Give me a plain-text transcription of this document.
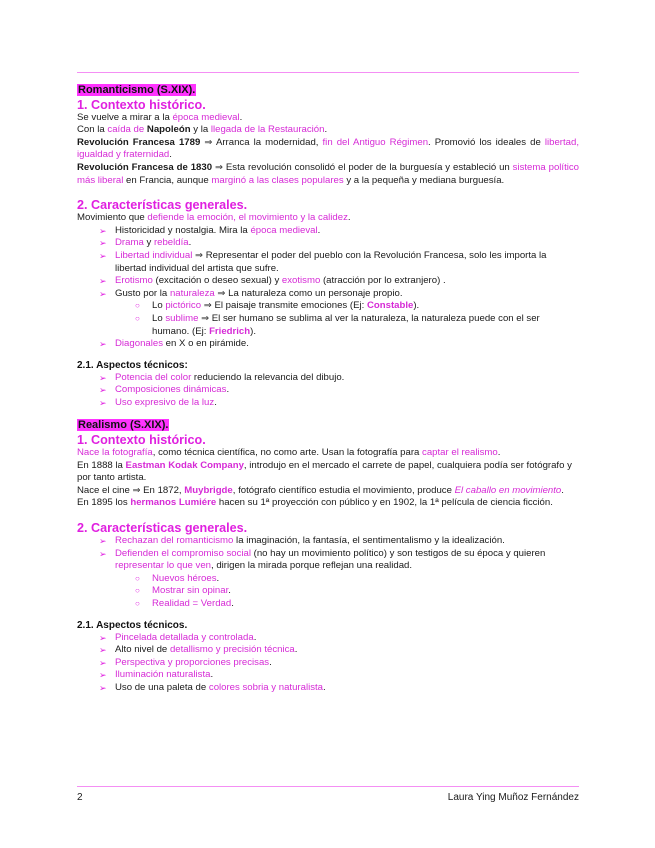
Romanticismo (S.XIX).
1. Contexto histórico.
Se vuelve a mirar a la época medieval.
Con la caída de Napoleón y la llegada de la Restauración.
Revolución Francesa 1789 ⇒ Arranca la modernidad, fin del Antiguo Régimen. Promovió los ideales de libertad, igualdad y fraternidad.
Revolución Francesa de 1830 ⇒ Esta revolución consolidó el poder de la burguesía y estableció un sistema político más liberal en Francia, aunque marginó a las clases populares y a la pequeña y mediana burguesía.
2. Características generales.
Movimiento que defiende la emoción, el movimiento y la calidez.
➢ Historicidad y nostalgia. Mira la época medieval.
➢ Drama y rebeldía.
➢ Libertad individual ⇒ Representar el poder del pueblo con la Revolución Francesa, solo les importa la libertad individual del artista que sufre.
➢ Erotismo (excitación o deseo sexual) y exotismo (atracción por lo extranjero) .
➢ Gusto por la naturaleza ⇒ La naturaleza como un personaje propio.
○ Lo pictórico ⇒ El paisaje transmite emociones (Ej: Constable).
○ Lo sublime ⇒ El ser humano se sublima al ver la naturaleza, la naturaleza puede con el ser humano. (Ej: Friedrich).
➢ Diagonales en X o en pirámide.
2.1. Aspectos técnicos:
➢ Potencia del color reduciendo la relevancia del dibujo.
➢ Composiciones dinámicas.
➢ Uso expresivo de la luz.
Realismo (S.XIX).
1. Contexto histórico.
Nace la fotografía, como técnica científica, no como arte. Usan la fotografía para captar el realismo.
En 1888 la Eastman Kodak Company, introdujo en el mercado el carrete de papel, cualquiera podía ser fotógrafo y por tanto artista.
Nace el cine ⇒ En 1872, Muybrigde, fotógrafo científico estudia el movimiento, produce El caballo en movimiento.
En 1895 los hermanos Lumiére hacen su 1ª proyección con público y en 1902, la 1ª película de ciencia ficción.
2. Características generales.
➢ Rechazan del romanticismo la imaginación, la fantasía, el sentimentalismo y la idealización.
➢ Defienden el compromiso social (no hay un movimiento político) y son testigos de su época y quieren representar lo que ven, dirigen la mirada porque reflejan una realidad.
○ Nuevos héroes.
○ Mostrar sin opinar.
○ Realidad = Verdad.
2.1. Aspectos técnicos.
➢ Pincelada detallada y controlada.
➢ Alto nivel de detallismo y precisión técnica.
➢ Perspectiva y proporciones precisas.
➢ Iluminación naturalista.
➢ Uso de una paleta de colores sobria y naturalista.
2	Laura Ying Muñoz Fernández
